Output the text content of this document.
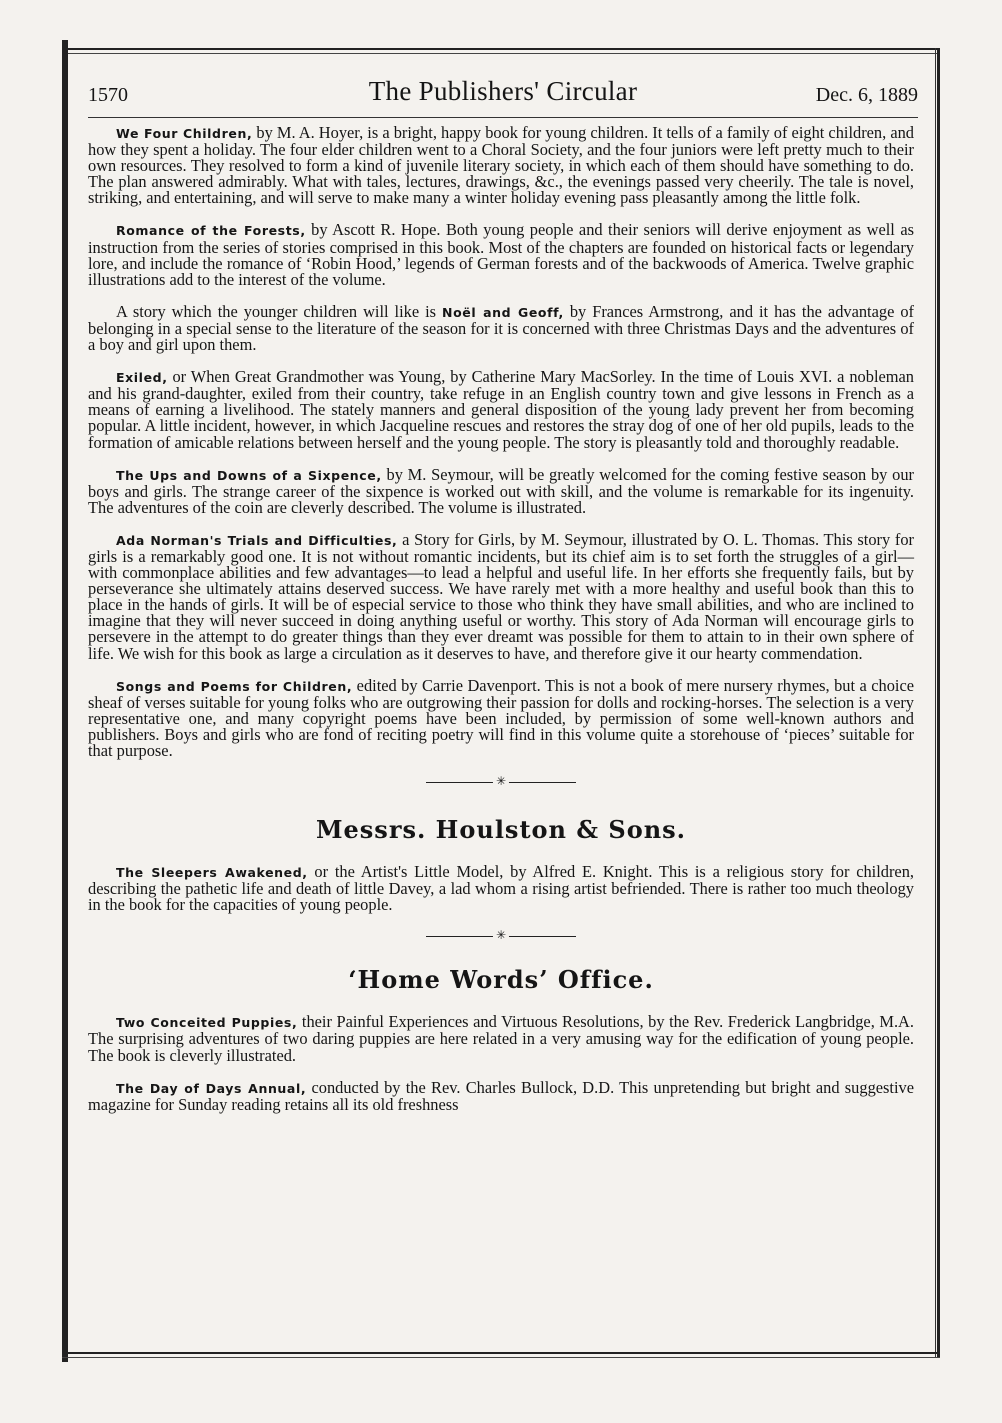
1570	The Publishers' Circular	Dec. 6, 1889

We Four Children, by M. A. Hoyer, is a bright, happy book for young children. It tells of a family of eight children, and how they spent a holiday. The four elder children went to a Choral Society, and the four juniors were left pretty much to their own resources. They resolved to form a kind of juvenile literary society, in which each of them should have something to do. The plan answered admirably. What with tales, lectures, drawings, &c., the evenings passed very cheerily. The tale is novel, striking, and entertaining, and will serve to make many a winter holiday evening pass pleasantly among the little folk.

Romance of the Forests, by Ascott R. Hope. Both young people and their seniors will derive enjoyment as well as instruction from the series of stories comprised in this book. Most of the chapters are founded on historical facts or legendary lore, and include the romance of ‘Robin Hood,’ legends of German forests and of the backwoods of America. Twelve graphic illustrations add to the interest of the volume.

A story which the younger children will like is Noël and Geoff, by Frances Armstrong, and it has the advantage of belonging in a special sense to the literature of the season for it is concerned with three Christmas Days and the adventures of a boy and girl upon them.

Exiled, or When Great Grandmother was Young, by Catherine Mary MacSorley. In the time of Louis XVI. a nobleman and his grand-daughter, exiled from their country, take refuge in an English country town and give lessons in French as a means of earning a livelihood. The stately manners and general disposition of the young lady prevent her from becoming popular. A little incident, however, in which Jacqueline rescues and restores the stray dog of one of her old pupils, leads to the formation of amicable relations between herself and the young people. The story is pleasantly told and thoroughly readable.

The Ups and Downs of a Sixpence, by M. Seymour, will be greatly welcomed for the coming festive season by our boys and girls. The strange career of the sixpence is worked out with skill, and the volume is remarkable for its ingenuity. The adventures of the coin are cleverly described. The volume is illustrated.

Ada Norman's Trials and Difficulties, a Story for Girls, by M. Seymour, illustrated by O. L. Thomas. This story for girls is a remarkably good one. It is not without romantic incidents, but its chief aim is to set forth the struggles of a girl—with commonplace abilities and few advantages—to lead a helpful and useful life. In her efforts she frequently fails, but by perseverance she ultimately attains deserved success. We have rarely met with a more healthy and useful book than this to place in the hands of girls. It will be of especial service to those who think they have small abilities, and who are inclined to imagine that they will never succeed in doing anything useful or worthy. This story of Ada Norman will encourage girls to persevere in the attempt to do greater things than they ever dreamt was possible for them to attain to in their own sphere of life. We wish for this book as large a circulation as it deserves to have, and therefore give it our hearty commendation.

Songs and Poems for Children, edited by Carrie Davenport. This is not a book of mere nursery rhymes, but a choice sheaf of verses suitable for young folks who are outgrowing their passion for dolls and rocking-horses. The selection is a very representative one, and many copyright poems have been included, by permission of some well-known authors and publishers. Boys and girls who are fond of reciting poetry will find in this volume quite a storehouse of ‘pieces’ suitable for that purpose.

✳
Messrs. Houlston & Sons.

The Sleepers Awakened, or the Artist's Little Model, by Alfred E. Knight. This is a religious story for children, describing the pathetic life and death of little Davey, a lad whom a rising artist befriended. There is rather too much theology in the book for the capacities of young people.

✳
‘Home Words’ Office.

Two Conceited Puppies, their Painful Experiences and Virtuous Resolutions, by the Rev. Frederick Langbridge, M.A. The surprising adventures of two daring puppies are here related in a very amusing way for the edification of young people. The book is cleverly illustrated.

The Day of Days Annual, conducted by the Rev. Charles Bullock, D.D. This unpretending but bright and suggestive magazine for Sunday reading retains all its old freshness
